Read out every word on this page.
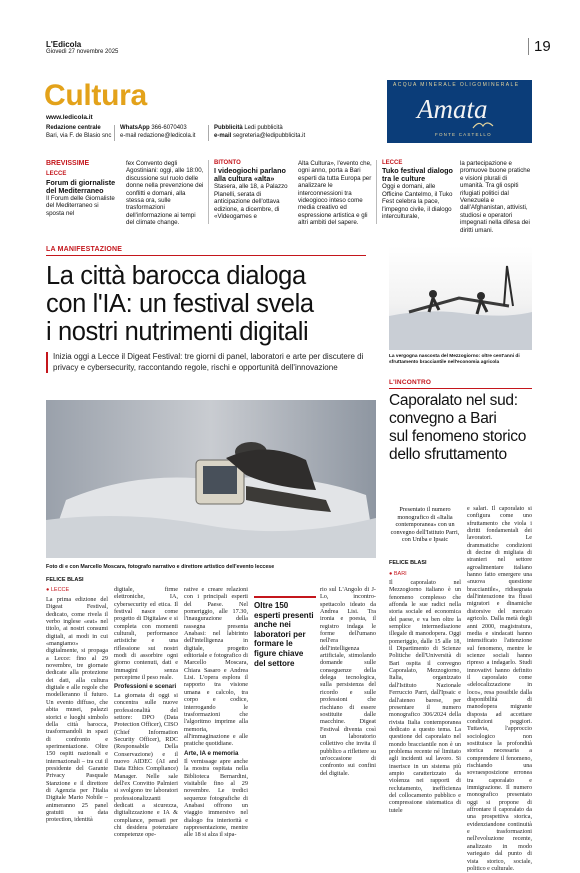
L'Edicola
Giovedì 27 novembre 2025	19
Cultura
www.ledicola.it
Redazione centrale
Bari, via F. de Blasio snc
WhatsApp 366-6070403
e-mail redazione@ledicola.it
Pubblicità Ledi pubblicità
e-mail segreteria@ledipubblicita.it
ACQUA MINERALE OLIGOMINERALE
Amata
FONTE CASTELLO
BREVISSIME
LECCE
Forum di giornaliste del Mediterraneo
Il Forum delle Giornaliste del Mediterraneo si sposta nel
fex Convento degli Agostiniani: oggi, alle 18:00, discussione sul ruolo delle donne nella prevenzione dei conflitti e domani, alla stessa ora, sulle trasformazioni dell'informazione ai tempi del climate change.
BITONTO
I videogiochi parlano alla cultura «alta»
Stasera, alle 18, a Palazzo Planelli, serata di anticipazione dell'ottava edizione, a dicembre, di «Videogames e
Alta Cultura», l'evento che, ogni anno, porta a Bari esperti da tutta Europa per analizzare le interconnessioni tra videogioco inteso come media creativo ed espressione artistica e gli altri ambiti del sapere.
LECCE
Tuko festival dialogo tra le culture
Oggi e domani, alle Officine Cantelmo, il Tuko Fest celebra la pace, l'impegno civile, il dialogo interculturale,
la partecipazione e promuove buone pratiche e visioni plurali di umanità. Tra gli ospiti rifugiati politici dal Venezuela e dall'Afghanistan, attivisti, studiosi e operatori impegnati nella difesa dei diritti umani.
LA MANIFESTAZIONE
La città barocca dialoga
con l'IA: un festival svela
i nostri nutrimenti digitali
Inizia oggi a Lecce il Digeat Festival: tre giorni di panel, laboratori e arte per discutere di privacy e cybersecurity, raccontando regole, rischi e opportunità dell'innovazione
Foto di e con Marcello Moscara, fotografo narrativo e direttore artistico dell'evento leccese
FELICE BLASI
● LECCE
La prima edizione del Digeat Festival, dedicato, come rivela il verbo inglese «eat» nel titolo, ai nostri consumi digitali, ai modi in cui «mangiamo» digitalmente, si propaga a Lecce: fino al 29 novembre, tre giornate dedicate alla protezione dei dati, alla cultura digitale e alle regole che modelleranno il futuro. Un evento diffuso, che abita musei, palazzi storici e luoghi simbolo della città barocca, trasformandoli in spazi di confronto e sperimentazione. Oltre 150 ospiti nazionali e internazionali – tra cui il presidente del Garante Privacy Pasquale Stanzione e il direttore di Agenzia per l'Italia Digitale Mario Nobile – animeranno 25 panel gratuiti su data protection, identità
digitale, firme elettroniche, IA, cybersecurity ed etica. Il festival nasce come progetto di Digitalaw e si completa con momenti culturali, performance artistiche e una riflessione sui nostri modi di assorbire ogni giorno contenuti, dati e immagini senza percepirne il peso reale.
Professioni e scenari
La giornata di oggi si concentra sulle nuove professionalità del settore: DPO (Data Protection Officer), CISO (Chief Information Security Officer), RDC (Responsabile Della Conservazione) e il nuovo AIDEC (AI and Data Ethics Compliance) Manager. Nelle sale dell'ex Convitto Palmieri si svolgono tre laboratori professionalizzanti dedicati a sicurezza, digitalizzazione e IA & compliance, pensati per chi desidera potenziare competenze ope-
rative e creare relazioni con i principali esperti del Paese. Nel pomeriggio, alle 17.30, l'inaugurazione della rassegna presenta Anabasi: nel labirinto dell'intelligenza in digitale, progetto editoriale e fotografico di Marcello Moscara, Chiara Sasaro e Andrea Lisi. L'opera esplora il rapporto tra visione umana e calcolo, tra corpo e codice, interrogando le trasformazioni che l'algoritmo imprime alla memoria, all'immaginazione e alle pratiche quotidiane.
Arte, IA e memoria
Il vernissage apre anche la mostra ospitata nella Biblioteca Bernardini, visitabile fino al 29 novembre. Le tredici sequenze fotografiche di Anabasi offrono un viaggio immersivo nel dialogo fra interiorità e rappresentazione, mentre alle 18 si alza il sipa-
Oltre 150 esperti presenti anche nei laboratori per formare le figure chiave del settore
rio sul L'Angolo di J-Lo, incontro-spettacolo ideato da Andrea Lisi. Tra ironia e poesia, il registro indaga le forme dell'umano nell'era dell'intelligenza artificiale, stimolando domande sulle conseguenze della delega tecnologica, sulla persistenza del ricordo e sulle professioni che rischiano di essere sostituite dalle macchine. Digeat Festival diventa così un laboratorio collettivo che invita il pubblico a riflettere su un'occasione di confronto sui confini del digitale.
La vergogna nascosta del Mezzogiorno: oltre cent'anni di sfruttamento bracciantile nell'economia agricola
L'INCONTRO
Caporalato nel sud:
convegno a Bari
sul fenomeno storico
dello sfruttamento
Presentato il numero monografico di «Italia contemporanea» con un convegno dell'Istituto Parri, con Uniba e Ipsaic
FELICE BLASI
● BARI
Il caporalato nel Mezzogiorno italiano è un fenomeno complesso che affonda le sue radici nella storia sociale ed economica del paese, e va ben oltre la semplice intermediazione illegale di manodopera. Oggi pomeriggio, dalle 15 alle 18, il Dipartimento di Scienze Politiche dell'Università di Bari ospita il convegno Caporalato, Mezzogiorno, Italia, organizzato dall'Istituto Nazionale Ferruccio Parri, dall'Ipsaic e dall'ateneo barese, per presentare il numero monografico 306/2024 della rivista Italia contemporanea dedicato a questo tema. La questione del caporalato nel mondo bracciantile non è un problema recente né limitato agli incidenti sul lavoro. Si inserisce in un sistema più ampio caratterizzato da violenza nei rapporti di reclutamento, inefficienza del collocamento pubblico e compressione sistematica di tutele
e salari. Il caporalato si configura come uno sfruttamento che viola i diritti fondamentali dei lavoratori. Le drammatiche condizioni di decine di migliaia di stranieri nel settore agroalimentare italiano hanno fatto emergere una «nuova questione bracciantile», ridisegnata dall'interazione tra flussi migratori e dinamiche distorsive del mercato agricolo. Dalla metà degli anni 2000, magistratura, media e sindacati hanno intensificato l'attenzione sul fenomeno, mentre le scienze sociali hanno ripreso a indagarlo. Studi innovativi hanno definito il caporalato come «delocalizzazione in loco», resa possibile dalla disponibilità di manodopera migrante disposta ad accettare condizioni peggiori. Tuttavia, l'approccio sociologico non sostituisce la profondità storica necessaria a comprendere il fenomeno, rischiando una sovraesposizione erronea tra caporalato e immigrazione. Il numero monografico presentato oggi si propone di affrontare il caporalato da una prospettiva storica, evidenziandone continuità e trasformazioni nell'evoluzione recente, analizzato in modo variegato dal punto di vista storico, sociale, politico e culturale.
